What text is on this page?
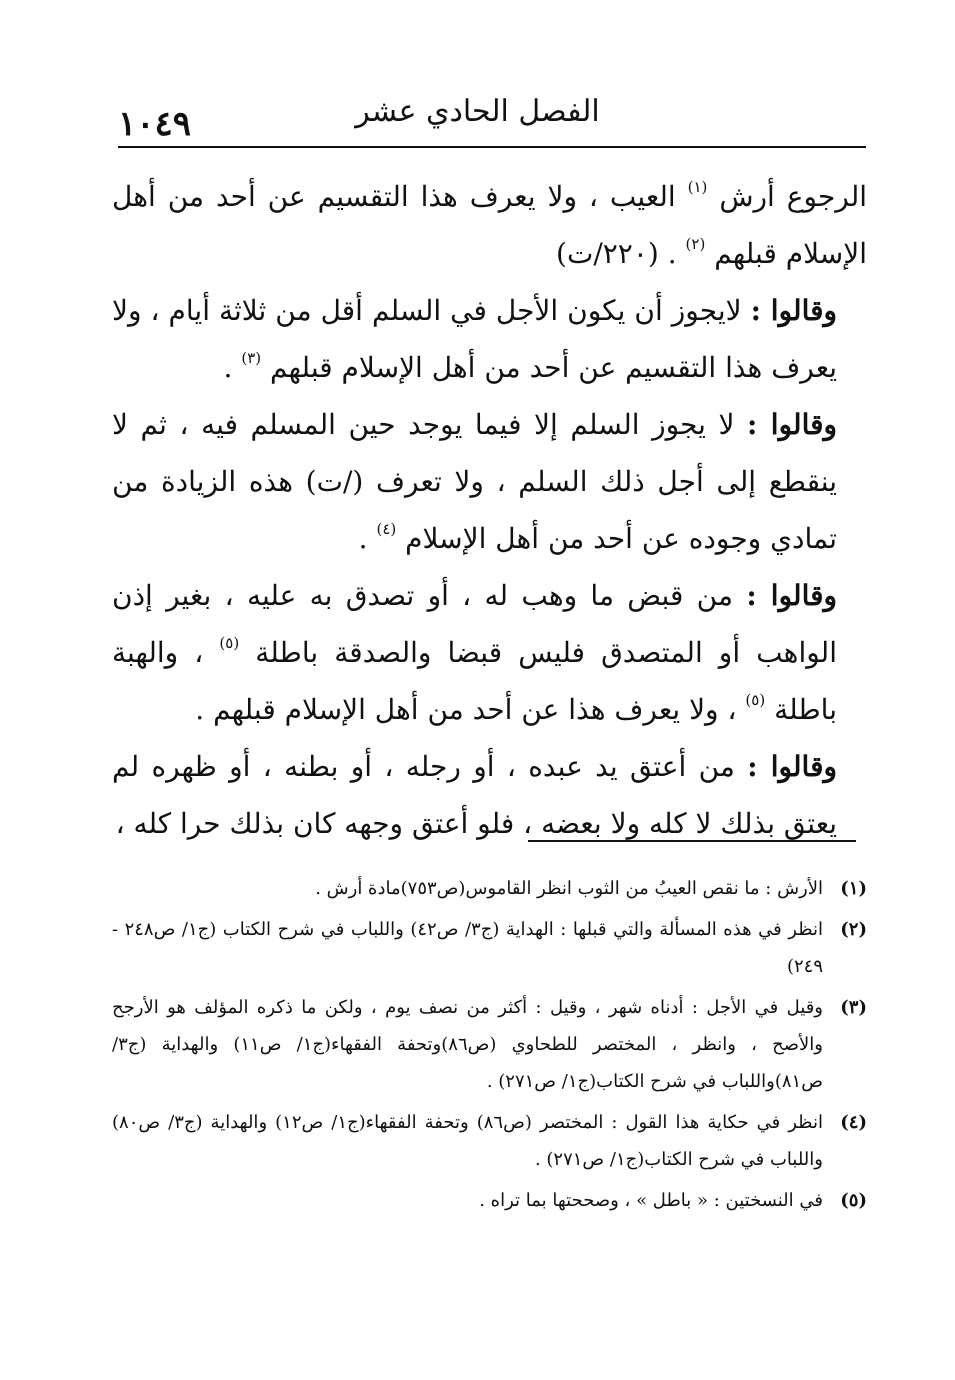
١٠٤٩	الفصل الحادي عشر

الرجوع أرش $^{(١)}$ العيب ، ولا يعرف هذا التقسيم عن أحد من أهل الإسلام قبلهم $^{(٢)}$ . (٢٢٠/ت)

وقالوا : لايجوز أن يكون الأجل في السلم أقل من ثلاثة أيام ، ولا يعرف هذا التقسيم عن أحد من أهل الإسلام قبلهم $^{(٣)}$ .

وقالوا : لا يجوز السلم إلا فيما يوجد حين المسلم فيه ، ثم لا ينقطع إلى أجل ذلك السلم ، ولا تعرف (/ت) هذه الزيادة من تمادي وجوده عن أحد من أهل الإسلام $^{(٤)}$ .

وقالوا : من قبض ما وهب له ، أو تصدق به عليه ، بغير إذن الواهب أو المتصدق فليس قبضا والصدقة باطلة $^{(٥)}$ ، والهبة باطلة $^{(٥)}$ ، ولا يعرف هذا عن أحد من أهل الإسلام قبلهم .

وقالوا : من أعتق يد عبده ، أو رجله ، أو بطنه ، أو ظهره لم يعتق بذلك لا كله ولا بعضه ، فلو أعتق وجهه كان بذلك حرا كله ،

(١)
الأرش : ما نقص العيبُ من الثوب انظر القاموس(ص٧٥٣)مادة أرش .
(٢)
انظر في هذه المسألة والتي قبلها : الهداية (ج٣/ ص٤٢) واللباب في شرح الكتاب (ج١/ ص٢٤٨ - ٢٤٩)
(٣)
وقيل في الأجل : أدناه شهر ، وقيل : أكثر من نصف يوم ، ولكن ما ذكره المؤلف هو الأرجح والأصح ، وانظر ، المختصر للطحاوي (ص٨٦)وتحفة الفقهاء(ج١/ ص١١) والهداية (ج٣/ ص٨١)واللباب في شرح الكتاب(ج١/ ص٢٧١) .
(٤)
انظر في حكاية هذا القول : المختصر (ص٨٦) وتحفة الفقهاء(ج١/ ص١٢) والهداية (ج٣/ ص٨٠) واللباب في شرح الكتاب(ج١/ ص٢٧١) .
(٥)
في النسختين : « باطل » ، وصححتها بما تراه .
